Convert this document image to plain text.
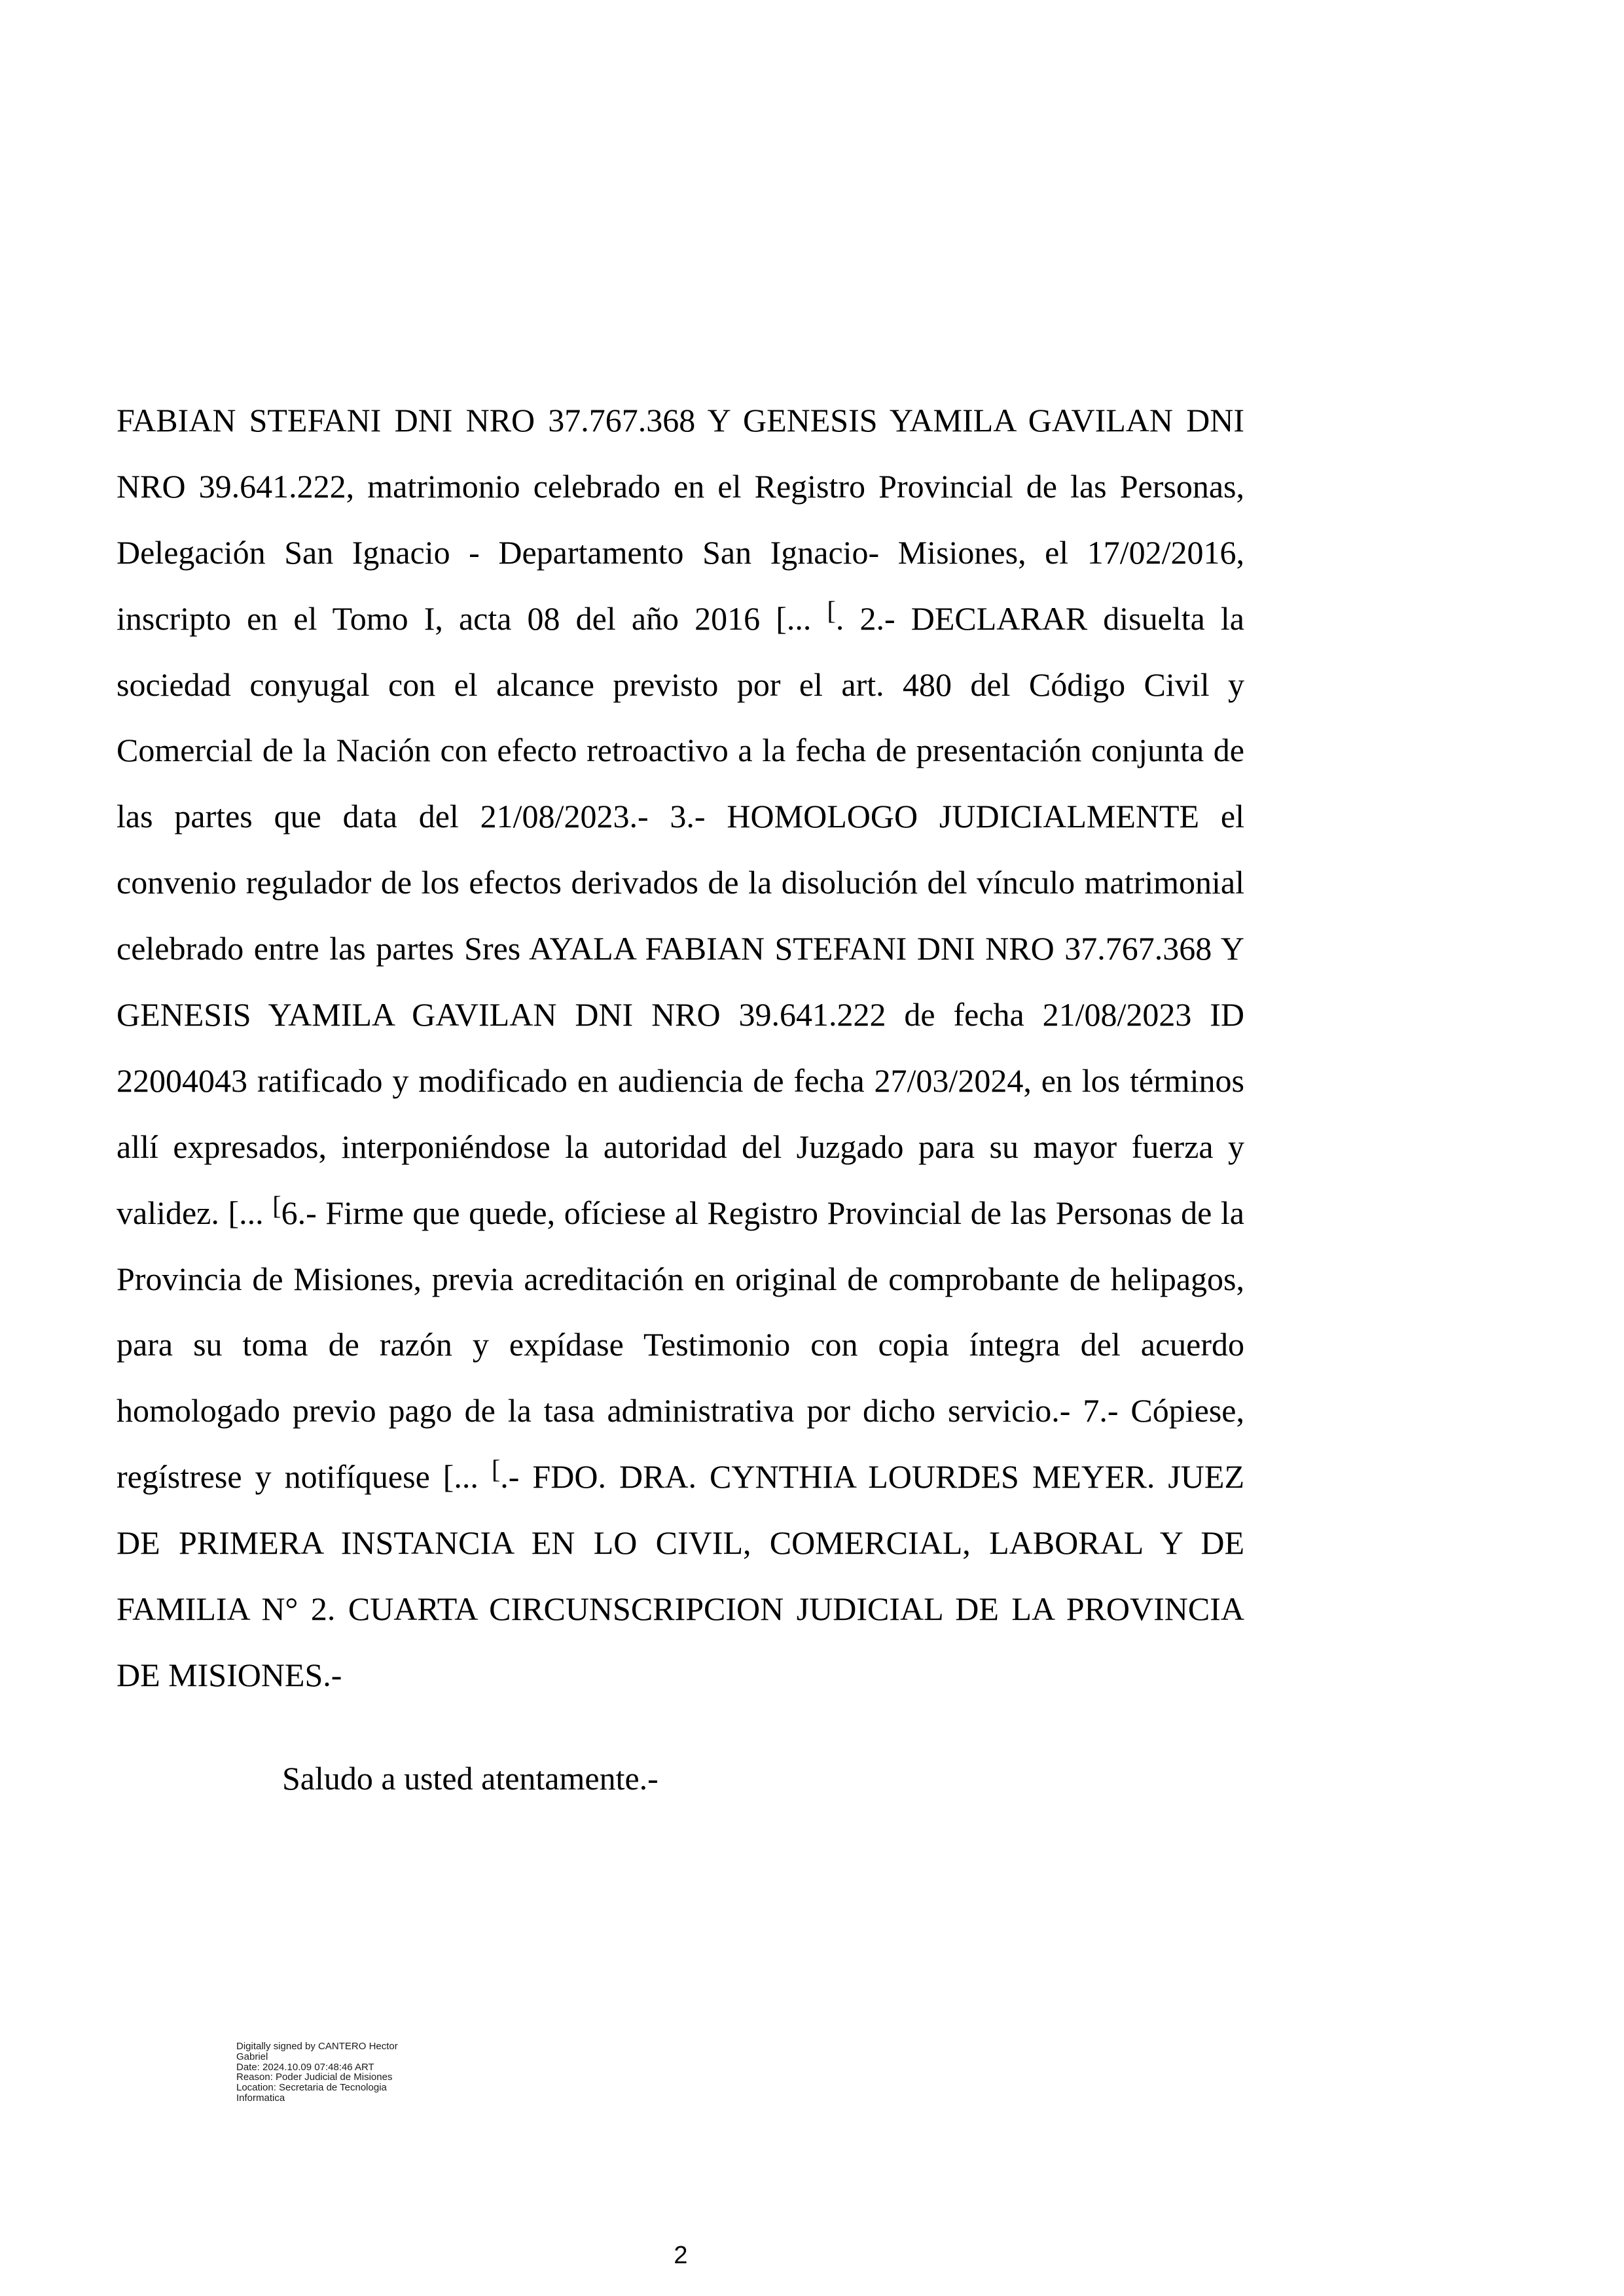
FABIAN STEFANI DNI NRO 37.767.368 Y GENESIS YAMILA GAVILAN DNI
NRO 39.641.222, matrimonio celebrado en el Registro Provincial de las Personas,
Delegación San Ignacio - Departamento San Ignacio- Misiones, el 17/02/2016,
inscripto en el Tomo I, acta 08 del año 2016 [... [. 2.- DECLARAR disuelta la
sociedad conyugal con el alcance previsto por el art. 480 del Código Civil y
Comercial de la Nación con efecto retroactivo a la fecha de presentación conjunta de
las partes que data del 21/08/2023.- 3.- HOMOLOGO JUDICIALMENTE el
convenio regulador de los efectos derivados de la disolución del vínculo matrimonial
celebrado entre las partes Sres AYALA FABIAN STEFANI DNI NRO 37.767.368 Y
GENESIS YAMILA GAVILAN DNI NRO 39.641.222 de fecha 21/08/2023 ID
22004043 ratificado y modificado en audiencia de fecha 27/03/2024, en los términos
allí expresados, interponiéndose la autoridad del Juzgado para su mayor fuerza y
validez. [... [6.- Firme que quede, ofíciese al Registro Provincial de las Personas de la
Provincia de Misiones, previa acreditación en original de comprobante de helipagos,
para su toma de razón y expídase Testimonio con copia íntegra del acuerdo
homologado previo pago de la tasa administrativa por dicho servicio.- 7.- Cópiese,
regístrese y notifíquese [... [.- FDO. DRA. CYNTHIA LOURDES MEYER. JUEZ
DE PRIMERA INSTANCIA EN LO CIVIL, COMERCIAL, LABORAL Y DE
FAMILIA N° 2. CUARTA CIRCUNSCRIPCION JUDICIAL DE LA PROVINCIA
DE MISIONES.-
Saludo a usted atentamente.-
Digitally signed by CANTERO Hector
Gabriel
Date: 2024.10.09 07:48:46 ART
Reason: Poder Judicial de Misiones
Location: Secretaria de Tecnologia
Informatica
2
